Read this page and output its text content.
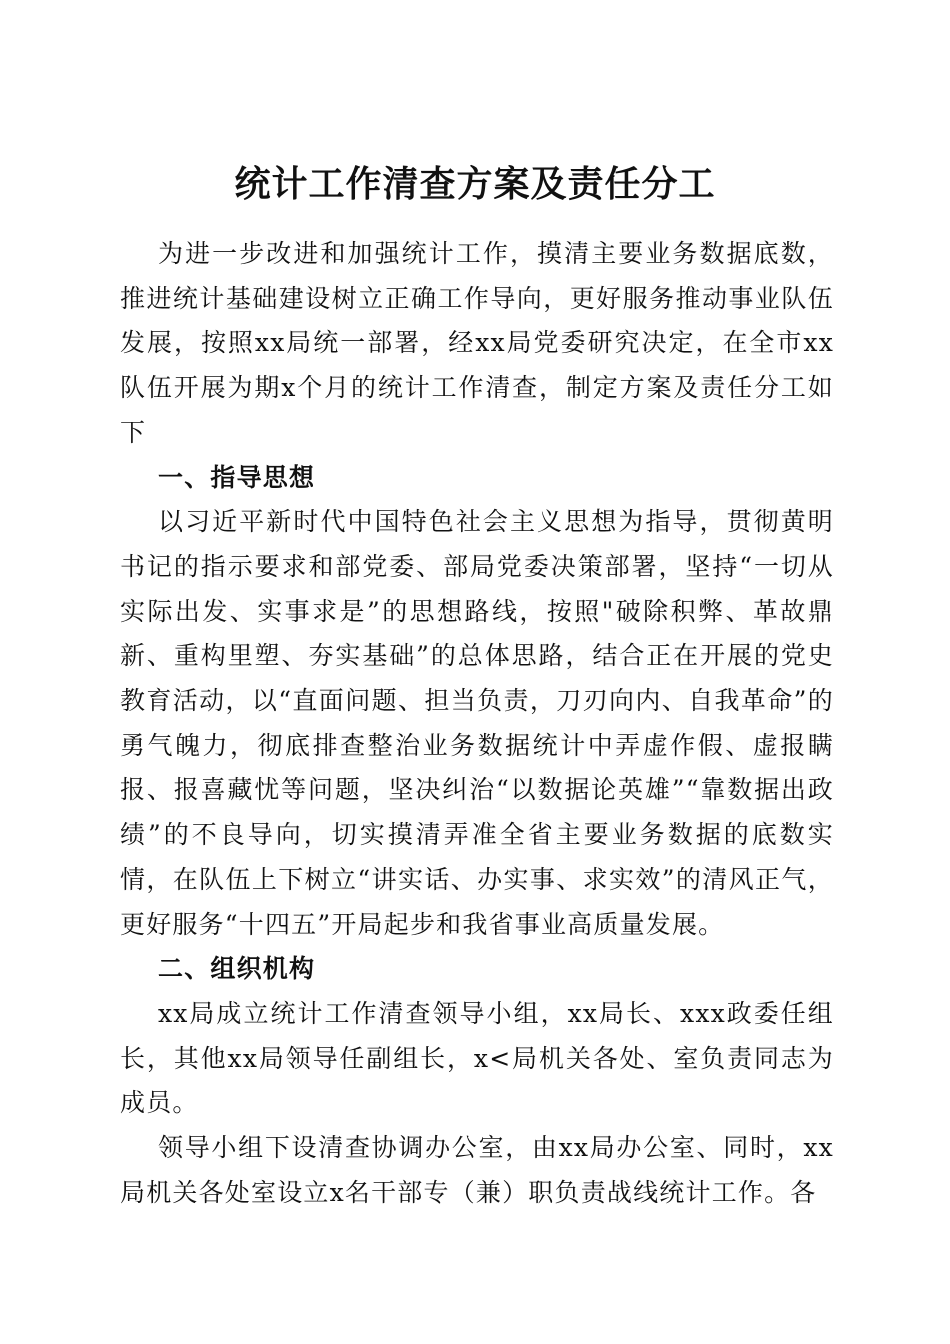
统计工作清查方案及责任分工

为进一步改进和加强统计工作，摸清主要业务数据底数，推进统计基础建设树立正确工作导向，更好服务推动事业队伍发展，按照xx局统一部署，经xx局党委研究决定，在全市xx队伍开展为期x个月的统计工作清查，制定方案及责任分工如下

一、指导思想

以习近平新时代中国特色社会主义思想为指导，贯彻黄明书记的指示要求和部党委、部局党委决策部署，坚持“一切从实际出发、实事求是”的思想路线，按照"破除积弊、革故鼎新、重构里塑、夯实基础”的总体思路，结合正在开展的党史教育活动，以“直面问题、担当负责，刀刃向内、自我革命”的勇气魄力，彻底排查整治业务数据统计中弄虚作假、虚报瞒报、报喜藏忧等问题，坚决纠治“以数据论英雄”“靠数据出政绩”的不良导向，切实摸清弄准全省主要业务数据的底数实情，在队伍上下树立“讲实话、办实事、求实效”的清风正气，更好服务“十四五”开局起步和我省事业高质量发展。

二、组织机构

xx局成立统计工作清查领导小组，xx局长、xxx政委任组长，其他xx局领导任副组长，x<局机关各处、室负责同志为成员。

领导小组下设清查协调办公室，由xx局办公室、同时，xx局机关各处室设立x名干部专（兼）职负责战线统计工作。各
